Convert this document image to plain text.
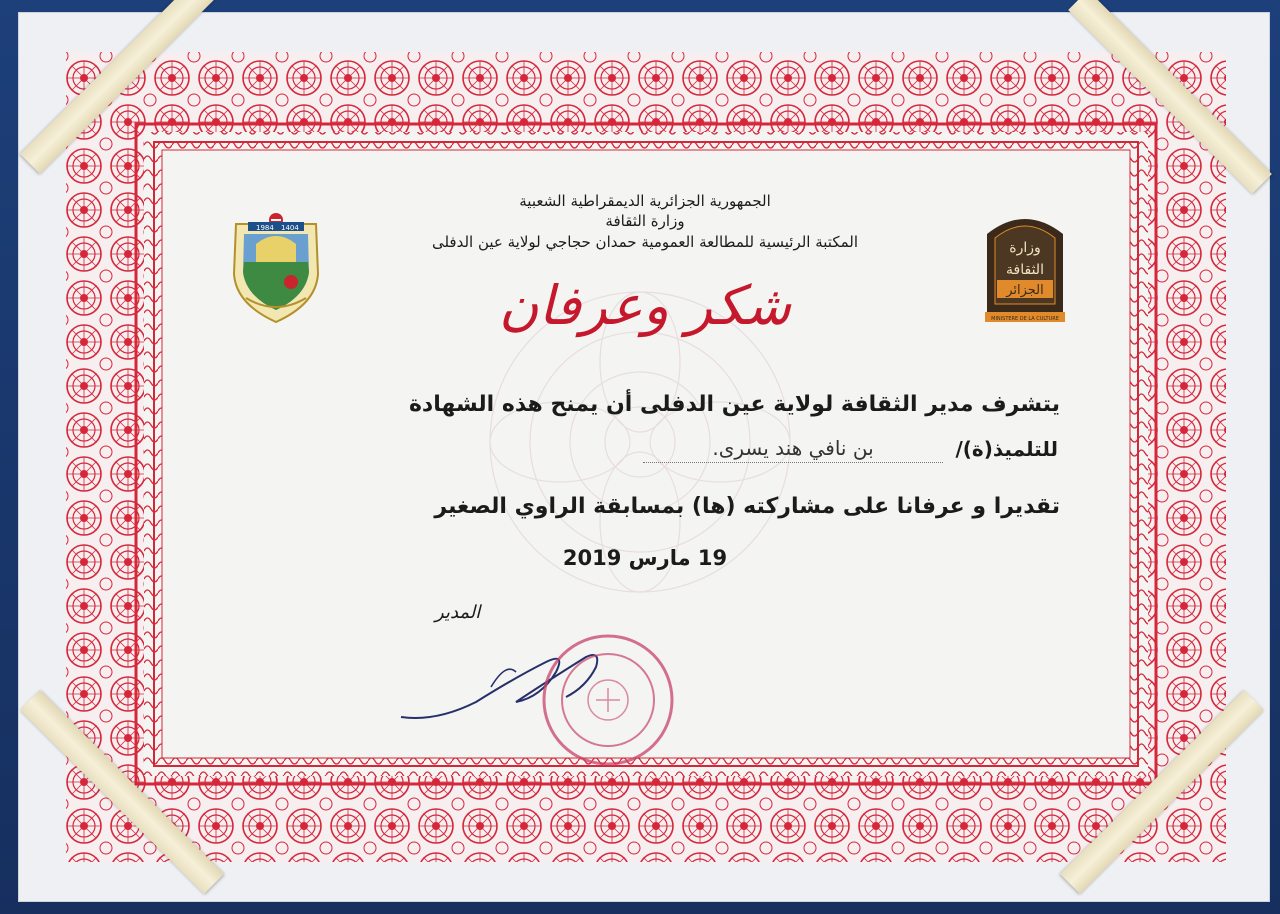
1984 1404
وزارة
الثقافة
الجزائر
MINISTERE DE LA CULTURE
الجمهورية الجزائرية الديمقراطية الشعبية
وزارة الثقافة
المكتبة الرئيسية للمطالعة العمومية حمدان حجاجي لولاية عين الدفلى
شكر وعرفان
يتشرف مدير الثقافة لولاية عين الدفلى أن يمنح هذه الشهادة
للتلميذ(ة)/
بن نافي هند يسرى.
تقديرا و عرفانا على مشاركته (ها) بمسابقة الراوي الصغير
19 مارس 2019
المدير
